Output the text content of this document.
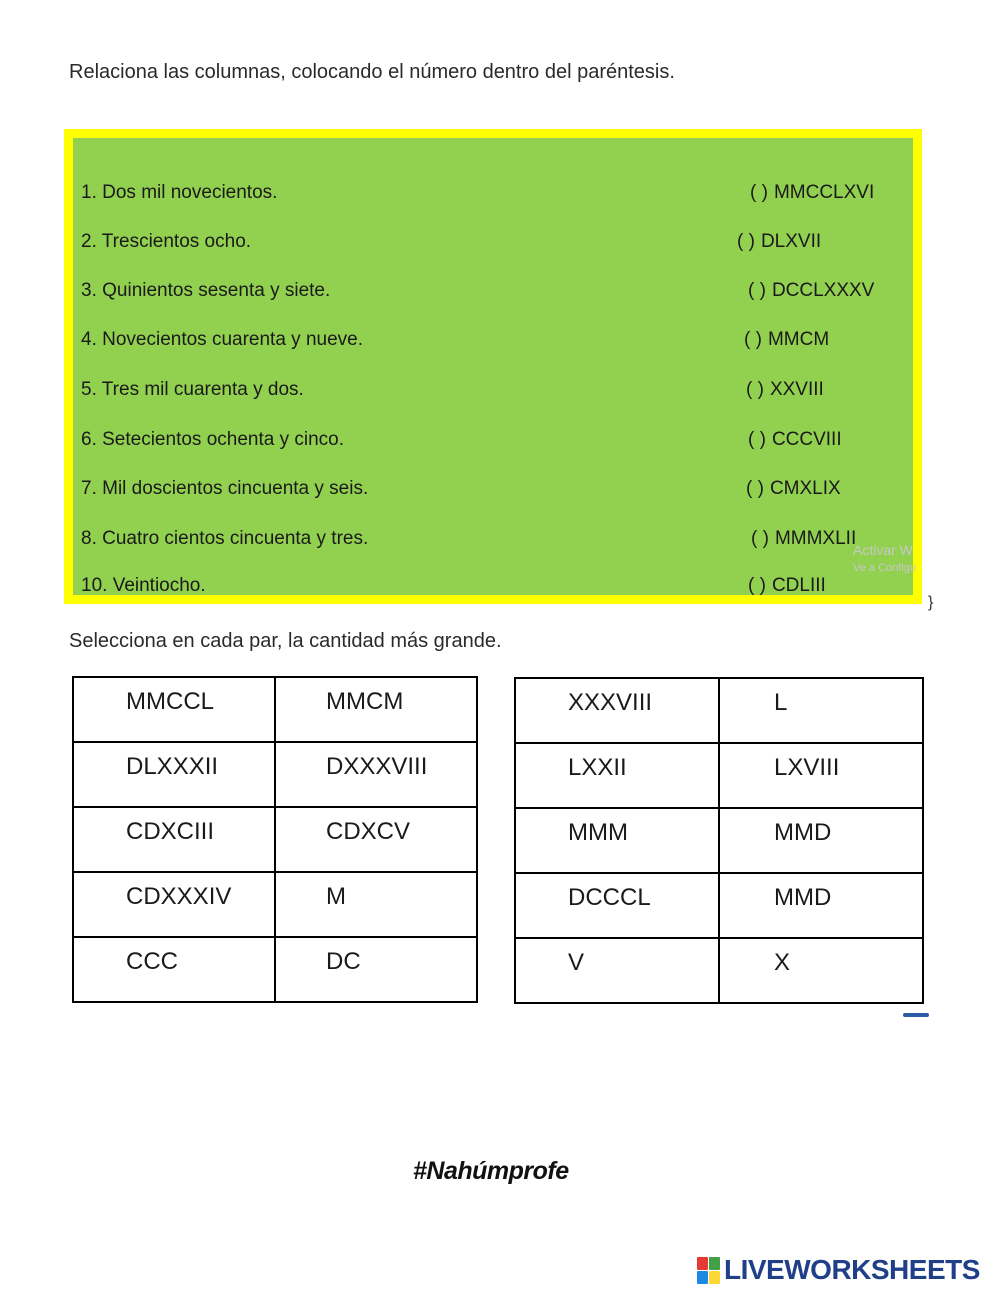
Relaciona las columnas, colocando el número dentro del paréntesis.

1. Dos mil novecientos.	( ) MMCCLXVI
2. Trescientos ocho.	( ) DLXVII
3. Quinientos sesenta y siete.	( ) DCCLXXXV
4. Novecientos cuarenta y nueve.	( ) MMCM
5. Tres mil cuarenta y dos.	( ) XXVIII
6. Setecientos ochenta y cinco.	( ) CCCVIII
7. Mil doscientos cincuenta y seis.	( ) CMXLIX
8. Cuatro cientos cincuenta y tres.	( ) MMMXLII
10. Veintiocho.	( ) CDLIII
Activar W
Ve a Configu
}

Selecciona en cada par, la cantidad más grande.

MMCCL	MMCM

DLXXXII	DXXXVIII

CDXCIII	CDXCV

CDXXXIV	M

CCC	DC
XXXVIII	L

LXXII	LXVIII

MMM	MMD

DCCCL	MMD

V	X
#Nahúmprofe
LIVEWORKSHEETS
